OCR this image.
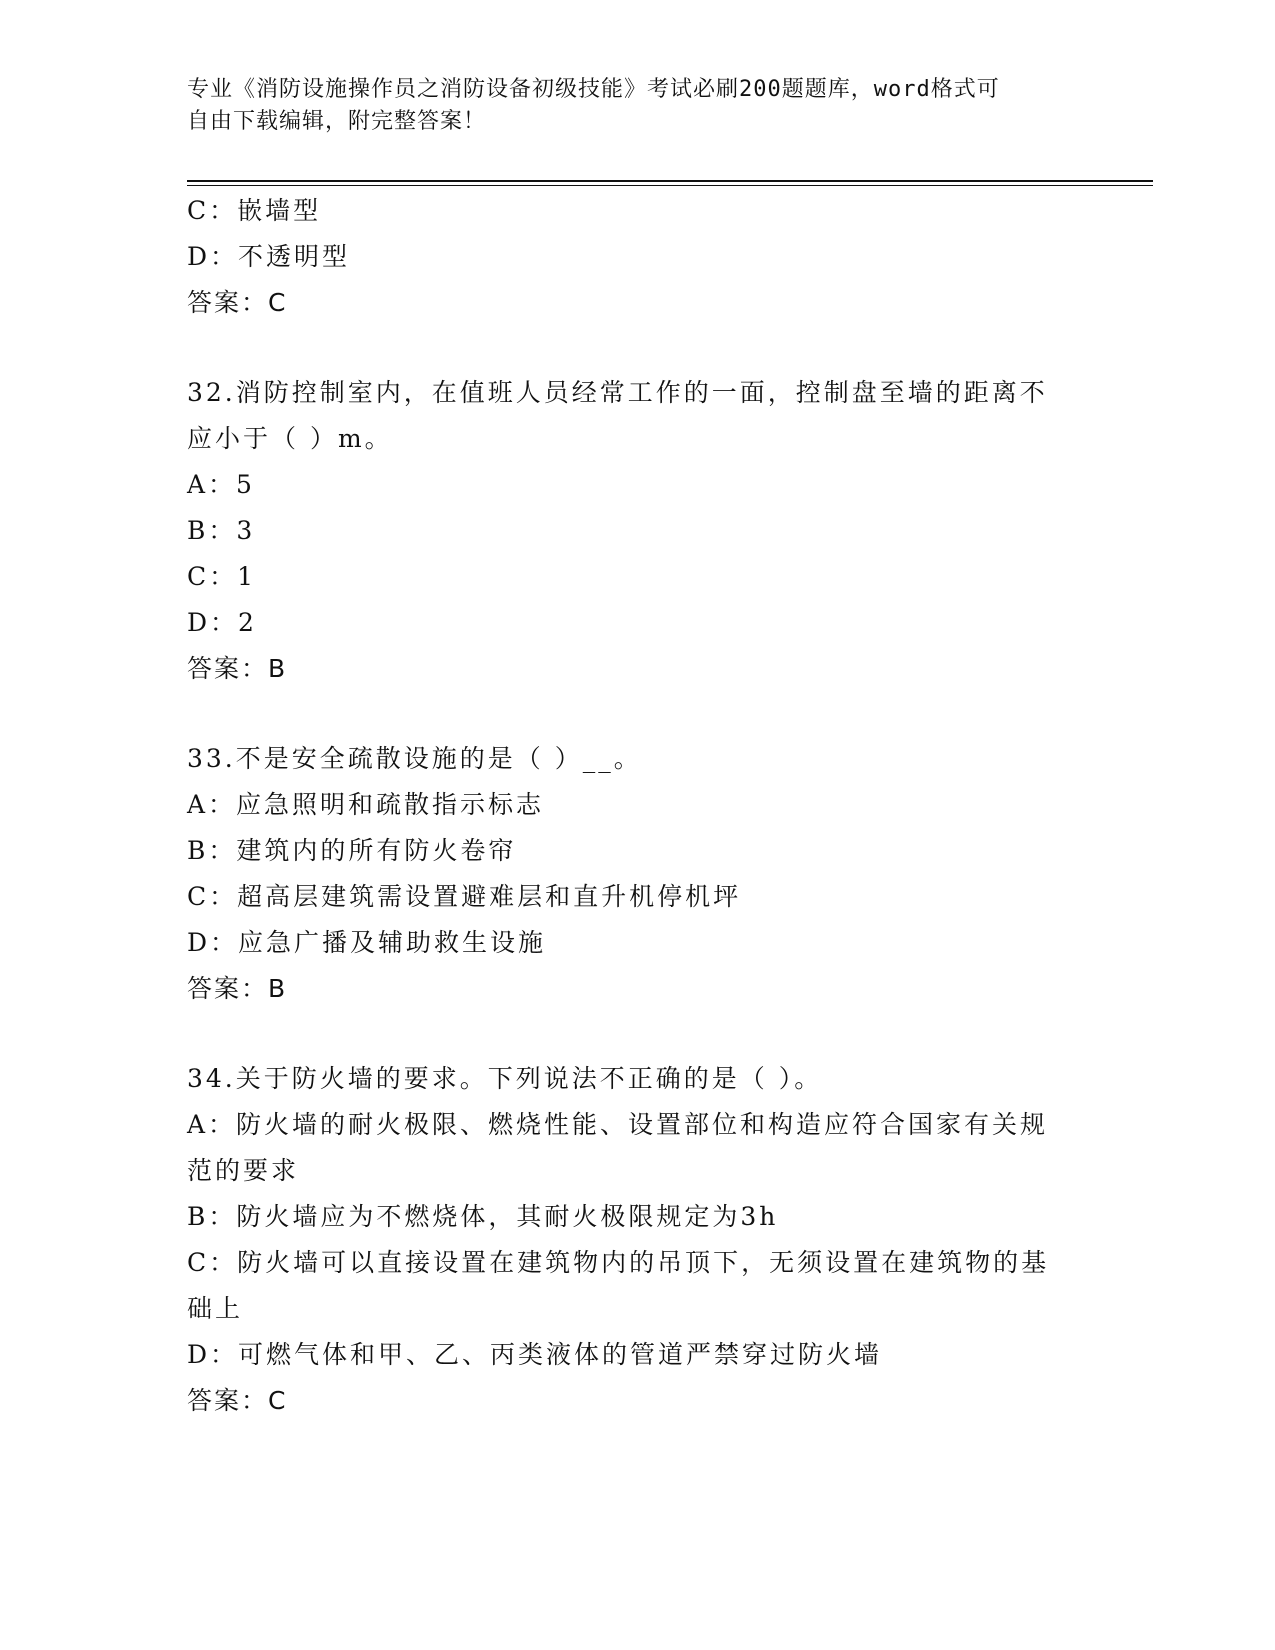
专业《消防设施操作员之消防设备初级技能》考试必刷200题题库，word格式可
自由下载编辑，附完整答案！
C：嵌墙型
D：不透明型
答案：C
32.消防控制室内，在值班人员经常工作的一面，控制盘至墙的距离不
应小于（ ）m。
A：5
B：3
C：1
D：2
答案：B
33.不是安全疏散设施的是（ ）__。
A：应急照明和疏散指示标志
B：建筑内的所有防火卷帘
C：超高层建筑需设置避难层和直升机停机坪
D：应急广播及辅助救生设施
答案：B
34.关于防火墙的要求。下列说法不正确的是（ ）。
A：防火墙的耐火极限、燃烧性能、设置部位和构造应符合国家有关规
范的要求
B：防火墙应为不燃烧体，其耐火极限规定为3h
C：防火墙可以直接设置在建筑物内的吊顶下，无须设置在建筑物的基
础上
D：可燃气体和甲、乙、丙类液体的管道严禁穿过防火墙
答案：C
